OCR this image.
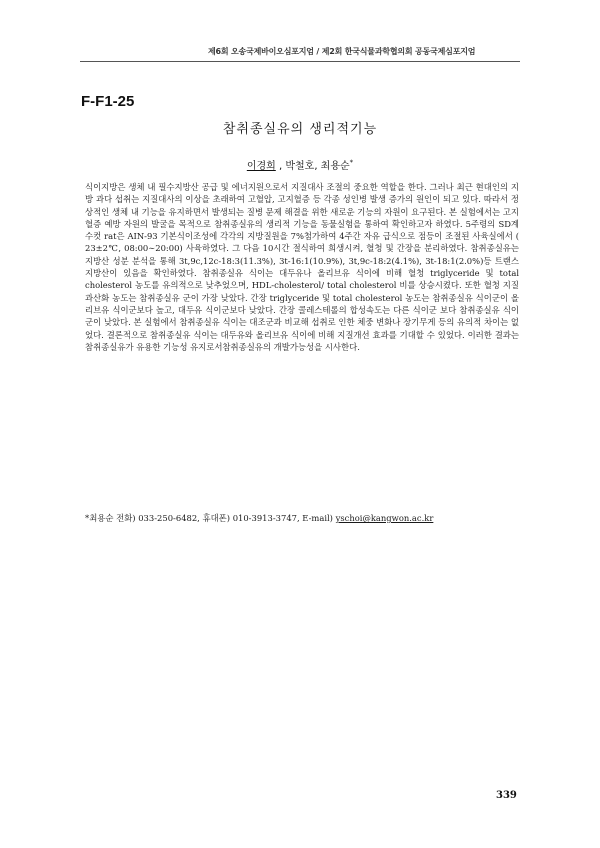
제6회 오송국제바이오심포지엄 / 제2회 한국식물과학협의회 공동국제심포지엄
F-F1-25
참취종실유의 생리적기능
이경희 , 박철호, 최용순*

식이지방은 생체 내 필수지방산 공급 및 에너지원으로서 지질대사 조절의 중요한 역할을 한다. 그러나 최근 현대인의 지방 과다 섭취는 지질대사의 이상을 초래하여 고혈압, 고지혈증 등 각종 성인병 발생 증가의 원인이 되고 있다. 따라서 정상적인 생체 내 기능을 유지하면서 발생되는 질병 문제 해결을 위한 새로운 기능의 자원이 요구된다. 본 실험에서는 고지혈증 예방 자원의 발굴을 목적으로 참취종실유의 생리적 기능을 동물실험을 통하여 확인하고자 하였다. 5주령의 SD계 수컷 rat은 AIN-93 기본식이조성에 각각의 지방질원을 7%첨가하여 4주간 자유 급식으로 점등이 조절된 사육실에서 ( 23±2℃, 08:00∼20:00) 사육하였다. 그 다음 10시간 절식하여 희생시켜, 혈청 및 간장을 분리하였다. 참취종실유는 지방산 성분 분석을 통해 3t,9c,12c-18:3(11.3%), 3t-16:1(10.9%), 3t,9c-18:2(4.1%), 3t-18:1(2.0%)등 트랜스 지방산이 있음을 확인하였다. 참취종실유 식이는 대두유나 올리브유 식이에 비해 혈청 triglyceride 및 total cholesterol 농도를 유의적으로 낮추었으며, HDL-cholesterol/ total cholesterol 비를 상승시켰다. 또한 혈청 지질과산화 농도는 참취종실유 군이 가장 낮았다. 간장 triglyceride 및 total cholesterol 농도는 참취종실유 식이군이 올리브유 식이군보다 높고, 대두유 식이군보다 낮았다. 간장 콜레스테롤의 합성속도는 다른 식이군 보다 참취종실유 식이군이 낮았다. 본 실험에서 참취종실유 식이는 대조군과 비교해 섭취로 인한 체중 변화나 장기무게 등의 유의적 차이는 없었다. 결론적으로 참취종실유 식이는 대두유와 올리브유 식이에 비해 지질개선 효과를 기대할 수 있었다. 이러한 결과는 참취종실유가 유용한 기능성 유지로서참취종실유의 개발가능성을 시사한다.

*최용순 전화) 033-250-6482, 휴대폰) 010-3913-3747, E-mail) yschoi@kangwon.ac.kr
339
